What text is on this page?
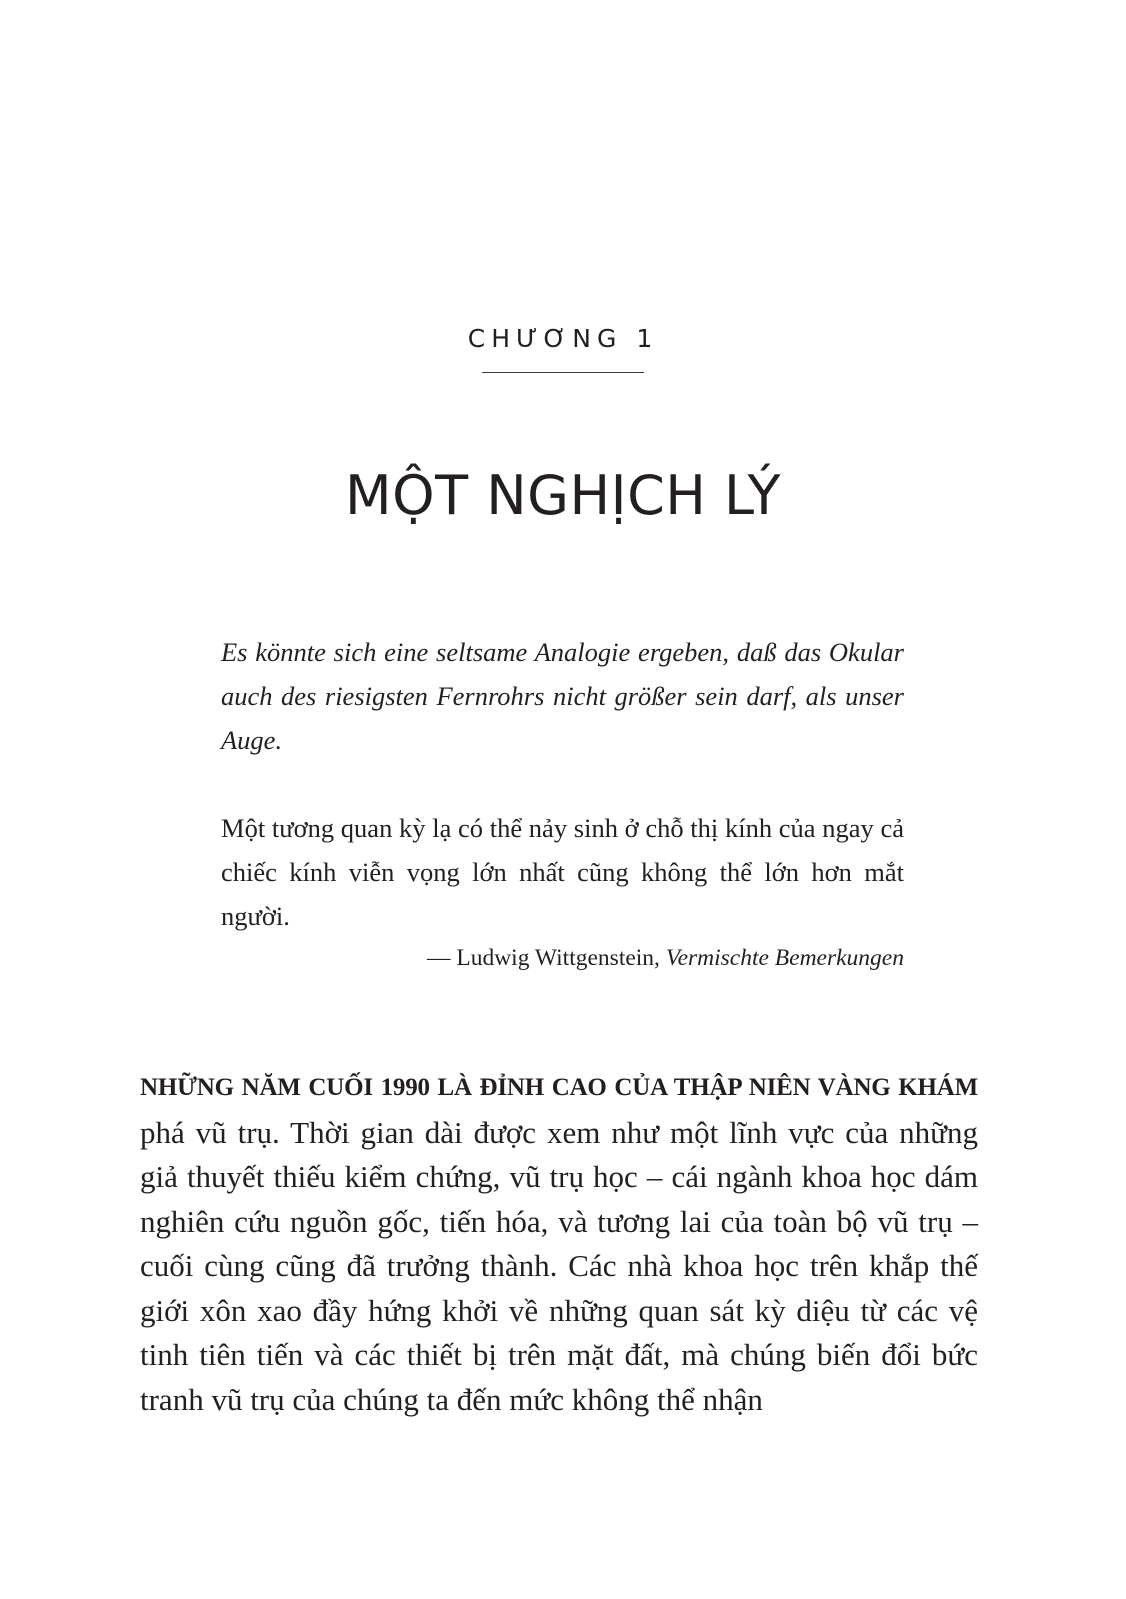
CHƯƠNG 1
MỘT NGHỊCH LÝ

Es könnte sich eine seltsame Analogie ergeben, daß das Okular auch des riesigsten Fernrohrs nicht größer sein darf, als unser Auge.

Một tương quan kỳ lạ có thể nảy sinh ở chỗ thị kính của ngay cả chiếc kính viễn vọng lớn nhất cũng không thể lớn hơn mắt người.

— Ludwig Wittgenstein, Vermischte Bemerkungen

NHỮNG NĂM CUỐI 1990 LÀ ĐỈNH CAO CỦA THẬP NIÊN VÀNG KHÁM phá vũ trụ. Thời gian dài được xem như một lĩnh vực của những giả thuyết thiếu kiểm chứng, vũ trụ học – cái ngành khoa học dám nghiên cứu nguồn gốc, tiến hóa, và tương lai của toàn bộ vũ trụ – cuối cùng cũng đã trưởng thành. Các nhà khoa học trên khắp thế giới xôn xao đầy hứng khởi về những quan sát kỳ diệu từ các vệ tinh tiên tiến và các thiết bị trên mặt đất, mà chúng biến đổi bức tranh vũ trụ của chúng ta đến mức không thể nhận
